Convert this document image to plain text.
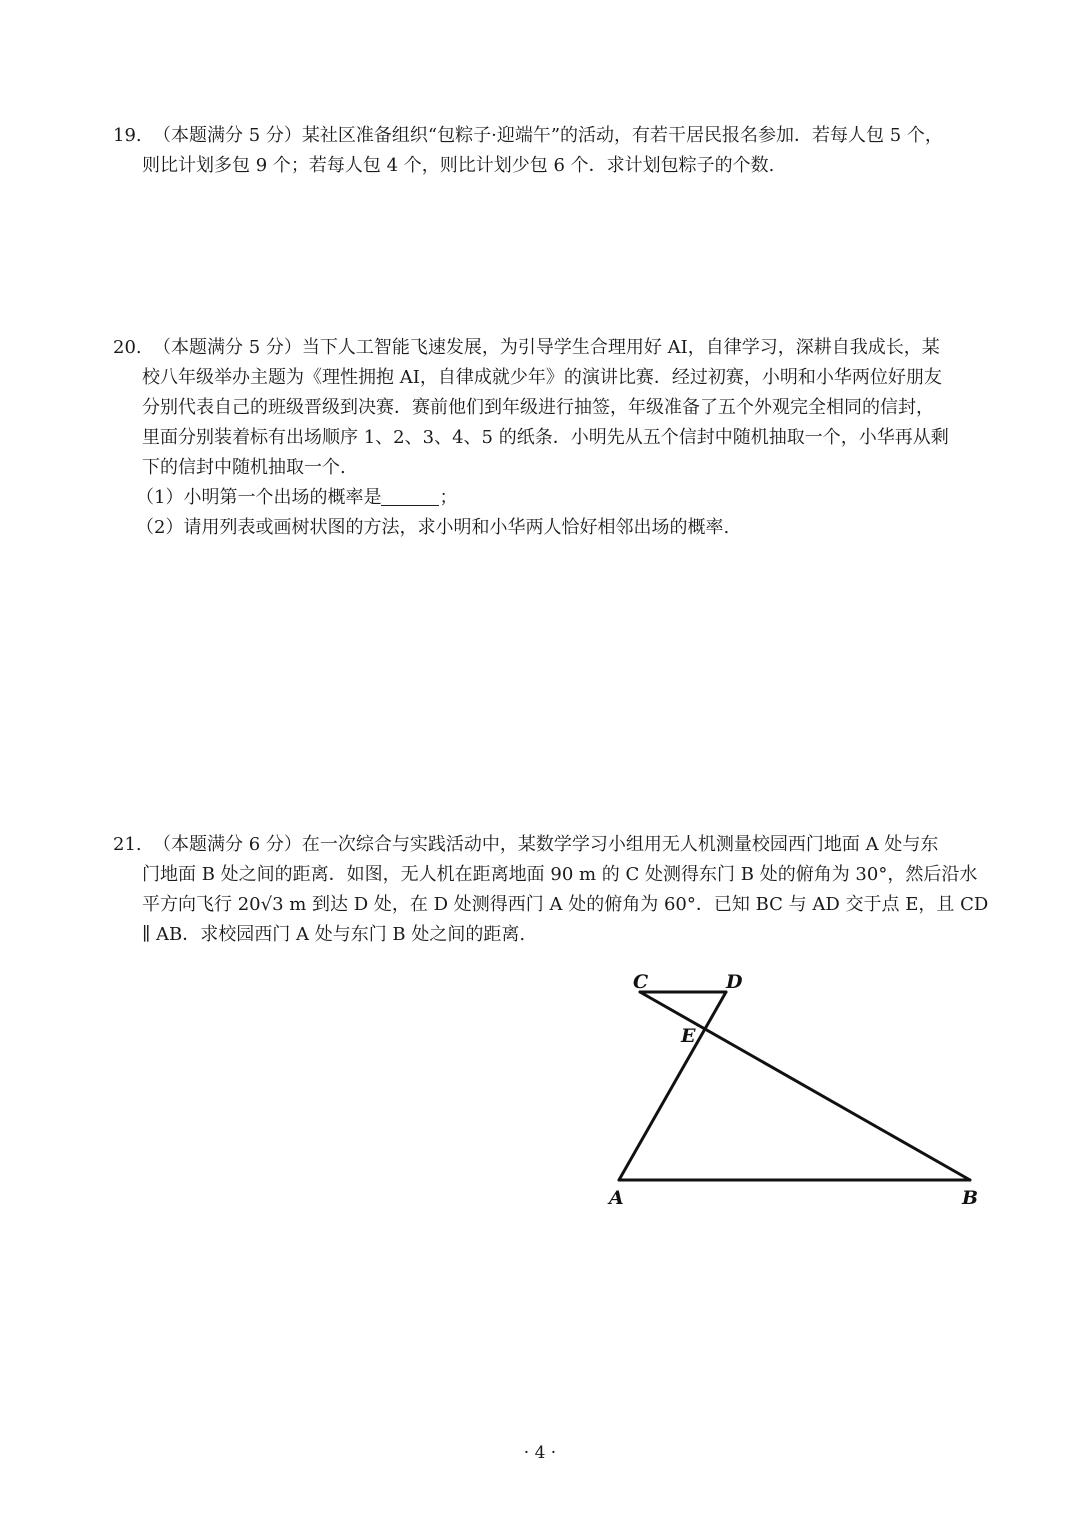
19. （本题满分 5 分）某社区准备组织“包粽子·迎端午”的活动，有若干居民报名参加．若每人包 5 个，
则比计划多包 9 个；若每人包 4 个，则比计划少包 6 个．求计划包粽子的个数.
20. （本题满分 5 分）当下人工智能飞速发展，为引导学生合理用好 AI，自律学习，深耕自我成长，某
校八年级举办主题为《理性拥抱 AI，自律成就少年》的演讲比赛．经过初赛，小明和小华两位好朋友
分别代表自己的班级晋级到决赛．赛前他们到年级进行抽签，年级准备了五个外观完全相同的信封，
里面分别装着标有出场顺序 1、2、3、4、5 的纸条．小明先从五个信封中随机抽取一个，小华再从剩
下的信封中随机抽取一个.
（1）小明第一个出场的概率是	；
（2）请用列表或画树状图的方法，求小明和小华两人恰好相邻出场的概率.
21. （本题满分 6 分）在一次综合与实践活动中，某数学学习小组用无人机测量校园西门地面 A 处与东
门地面 B 处之间的距离．如图，无人机在距离地面 90 m 的 C 处测得东门 B 处的俯角为 30°，然后沿水
平方向飞行 20√3 m 到达 D 处，在 D 处测得西门 A 处的俯角为 60°．已知 BC 与 AD 交于点 E，且 CD
∥ AB．求校园西门 A 处与东门 B 处之间的距离.
C	D
E
A	B
· 4 ·
